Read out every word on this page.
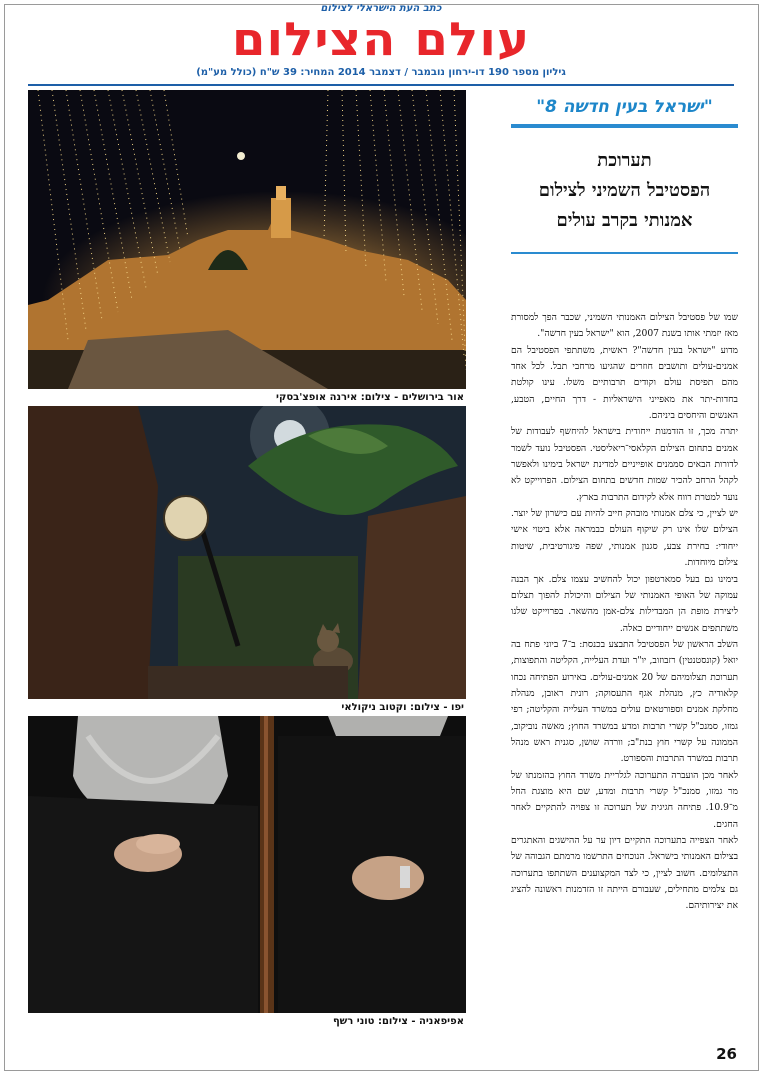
כתב העת הישראלי לצילום
עולם הצילום
גיליון מספר 190 דו-ירחון נובמבר / דצמבר 2014 המחיר: 39 ש"ח (כולל מע"מ)
אור בירושלים - צילום: אירנה אופצ'בסקי
יפו - צילום: וקטוב ניקולאי
אפיפאניה - צילום: טוני רשף
"ישראל בעין חדשה 8"
תערוכת
הפסטיבל השמיני לצילום
אמנותי בקרב עולים

שמו של פסטיבל הצילום האמנותי השמיני, שכבר הפך למסורת מאז יזמתי אותו בשנת 2007, הוא "ישראל בעין חדשה".

מדוע "ישראל בעין חדשה"? ראשית, משתתפי הפסטיבל הם אמנים-עולים ותושבים חוזרים שהגיעו מרחבי תבל. לכל אחד מהם תפיסת עולם וקודים תרבותיים משלו. עינו קולטת בחדות-יתר את מאפייני הישראליות - דרך החיים, הטבע, האנשים והיחסים ביניהם.

יתרה מכך, זו הזדמנות ייחודית בישראל להיחשף לעבודות של אמנים בתחום הצילום הקלאסי־ריאליסטי. הפסטיבל נועד לשמר לדורות הבאים סממנים אופייניים למדינת ישראל בימינו ולאפשר לקהל הרחב להכיר שמות חדשים בתחום הצילום. הפרוייקט לא נועד למטרת רווח אלא לקידום התרבות בארץ.

יש לציין, כי צלם אמנותי מובהק חייב להיות עם כישרון של יוצר. הצילום שלו אינו רק שיקוף העולם כבמראה אלא ביטוי אישי ייחודי: בחירת צבע, סגנון אמנותי, שפה פיגורטיבית, שיטות צילום מיוחדות.

בימינו גם בעל סמארטפון יכול להחשיב עצמו צלם. אך הבנה עמוקה של האופי האמנותי של הצילום והיכולת להפוך תצלום ליצירת מופת הן המבדילות צלם-אמן מהשאר. בפרוייקט שלנו משתתפים אנשים ייחודיים כאלה.

השלב הראשון של הפסטיבל התבצע בכנסת: ב־7 ביוני פתח בה יואל (קונסטנטין) רזבוזוב, יו"ר ועדת העלייה, הקליטה והתפוצות, תערוכת תצלומיהם של 20 אמנים-עולים. באירוע הפתיחה נכחו קלאודיה כץ, מנהלת אגף התעסוקה; רונית ראובן, מנהלת מחלקת אמנים וספורטאים עולים במשרד העלייה והקליטה; רפי גמזו, סמנכ"ל קשרי תרבות ומדע במשרד החוץ; מאשה נוביקוב, הממונה על קשרי חוץ בנת"ב; וורדה שושן, סגנית ראש מנהל תרבות במשרד התרבות והספורט.

לאחר מכן הועברה התערוכה לגלריית משרד החוץ בהזמנתו של מר גמזו, סמנכ"ל קשרי תרבות ומדע, שם היא מוצגת החל מ־10.9. פתיחה חגיגית של תערוכה זו צפויה להתקיים לאחר החגים.

לאחר הצפייה בתערוכה התקיים דיון ער על ההישגים והאתגרים בצילום האמנותי בישראל. הנוכחים התרשמו מרמתם הגבוהה של התצלומים. חשוב לציין, כי לצד המקצוענים השתתפו בתערוכה גם צלמים מתחילים, שעבורם הייתה זו הזדמנות ראשונה להציג את יצירותיהם.

26
